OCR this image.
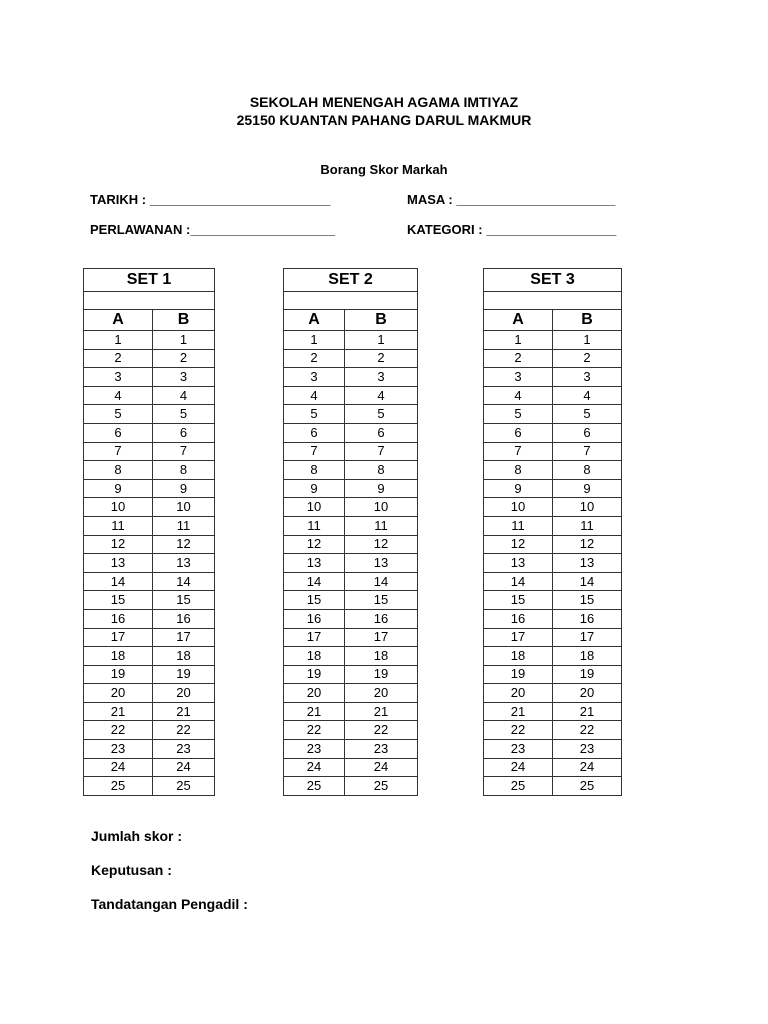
SEKOLAH MENENGAH AGAMA IMTIYAZ
25150 KUANTAN PAHANG DARUL MAKMUR
Borang Skor Markah
TARIKH : _________________________	MASA : ______________________
PERLAWANAN :____________________	KATEGORI : __________________
SET 1	

A	B
1	1
2	2
3	3
4	4
5	5
6	6
7	7
8	8
9	9
10	10
11	11
12	12
13	13
14	14
15	15
16	16
17	17
18	18
19	19
20	20
21	21
22	22
23	23
24	24
25	25
SET 2	

A	B
1	1
2	2
3	3
4	4
5	5
6	6
7	7
8	8
9	9
10	10
11	11
12	12
13	13
14	14
15	15
16	16
17	17
18	18
19	19
20	20
21	21
22	22
23	23
24	24
25	25
SET 3	

A	B
1	1
2	2
3	3
4	4
5	5
6	6
7	7
8	8
9	9
10	10
11	11
12	12
13	13
14	14
15	15
16	16
17	17
18	18
19	19
20	20
21	21
22	22
23	23
24	24
25	25
Jumlah skor :
Keputusan :
Tandatangan Pengadil :
